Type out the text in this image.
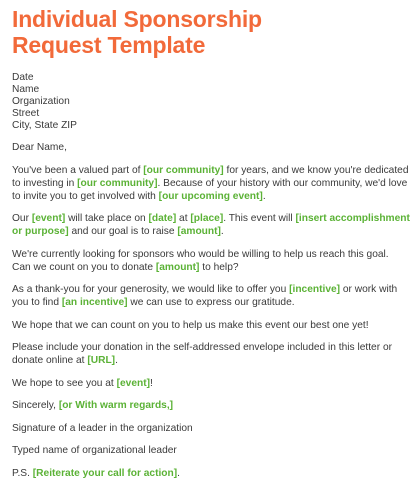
Individual Sponsorship
Request Template
Date
Name
Organization
Street
City, State ZIP

Dear Name,

You've been a valued part of [our community] for years, and we know you're dedicated to investing in [our community]. Because of your history with our community, we'd love to invite you to get involved with [our upcoming event].

Our [event] will take place on [date] at [place]. This event will [insert accomplishment or purpose] and our goal is to raise [amount].

We're currently looking for sponsors who would be willing to help us reach this goal. Can we count on you to donate [amount] to help?

As a thank-you for your generosity, we would like to offer you [incentive] or work with you to find [an incentive] we can use to express our gratitude.

We hope that we can count on you to help us make this event our best one yet!

Please include your donation in the self-addressed envelope included in this letter or donate online at [URL].

We hope to see you at [event]!

Sincerely, [or With warm regards,]

Signature of a leader in the organization

Typed name of organizational leader

P.S. [Reiterate your call for action].
